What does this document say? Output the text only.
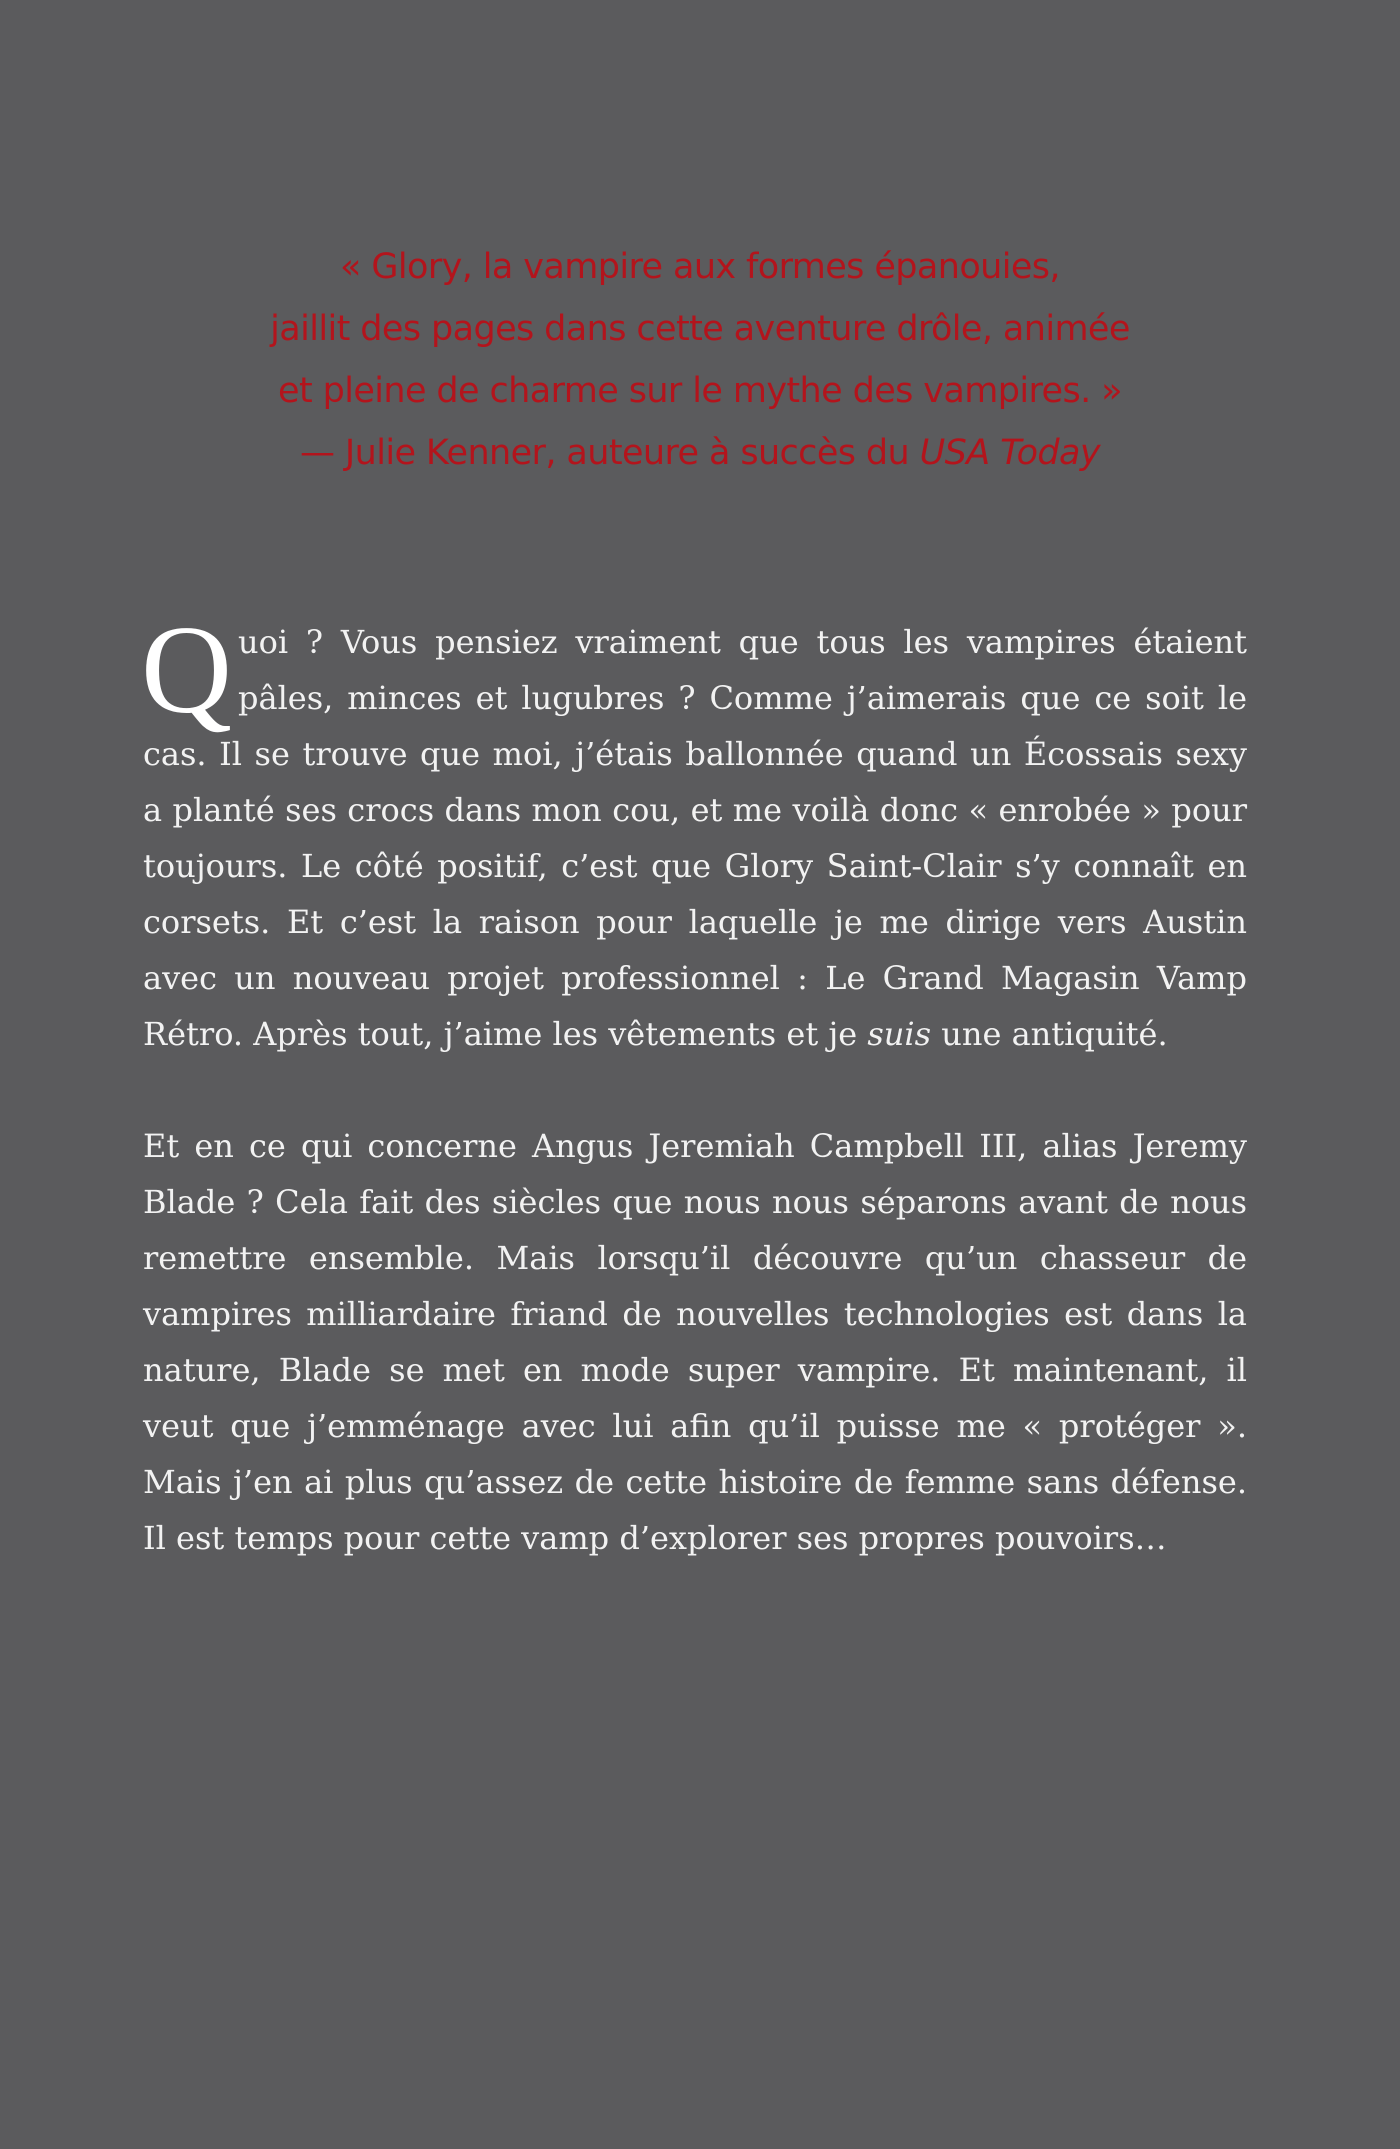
« Glory, la vampire aux formes épanouies,

jaillit des pages dans cette aventure drôle, animée

et pleine de charme sur le mythe des vampires. »

— Julie Kenner, auteure à succès du USA Today

Quoi ? Vous pensiez vraiment que tous les vampires étaient pâles, minces et lugubres ? Comme j’aimerais que ce soit le cas. Il se trouve que moi, j’étais ballonnée quand un Écossais sexy a planté ses crocs dans mon cou, et me voilà donc « enrobée » pour toujours. Le côté positif, c’est que Glory Saint-Clair s’y connaît en corsets. Et c’est la raison pour laquelle je me dirige vers Austin avec un nouveau projet professionnel : Le Grand Magasin Vamp Rétro. Après tout, j’aime les vêtements et je suis une antiquité.

Et en ce qui concerne Angus Jeremiah Campbell III, alias Jeremy Blade ? Cela fait des siècles que nous nous séparons avant de nous remettre ensemble. Mais lorsqu’il découvre qu’un chasseur de vampires milliardaire friand de nouvelles technologies est dans la nature, Blade se met en mode super vampire. Et maintenant, il veut que j’emménage avec lui afin qu’il puisse me « protéger ». Mais j’en ai plus qu’assez de cette histoire de femme sans défense. Il est temps pour cette vamp d’explorer ses propres pouvoirs…
